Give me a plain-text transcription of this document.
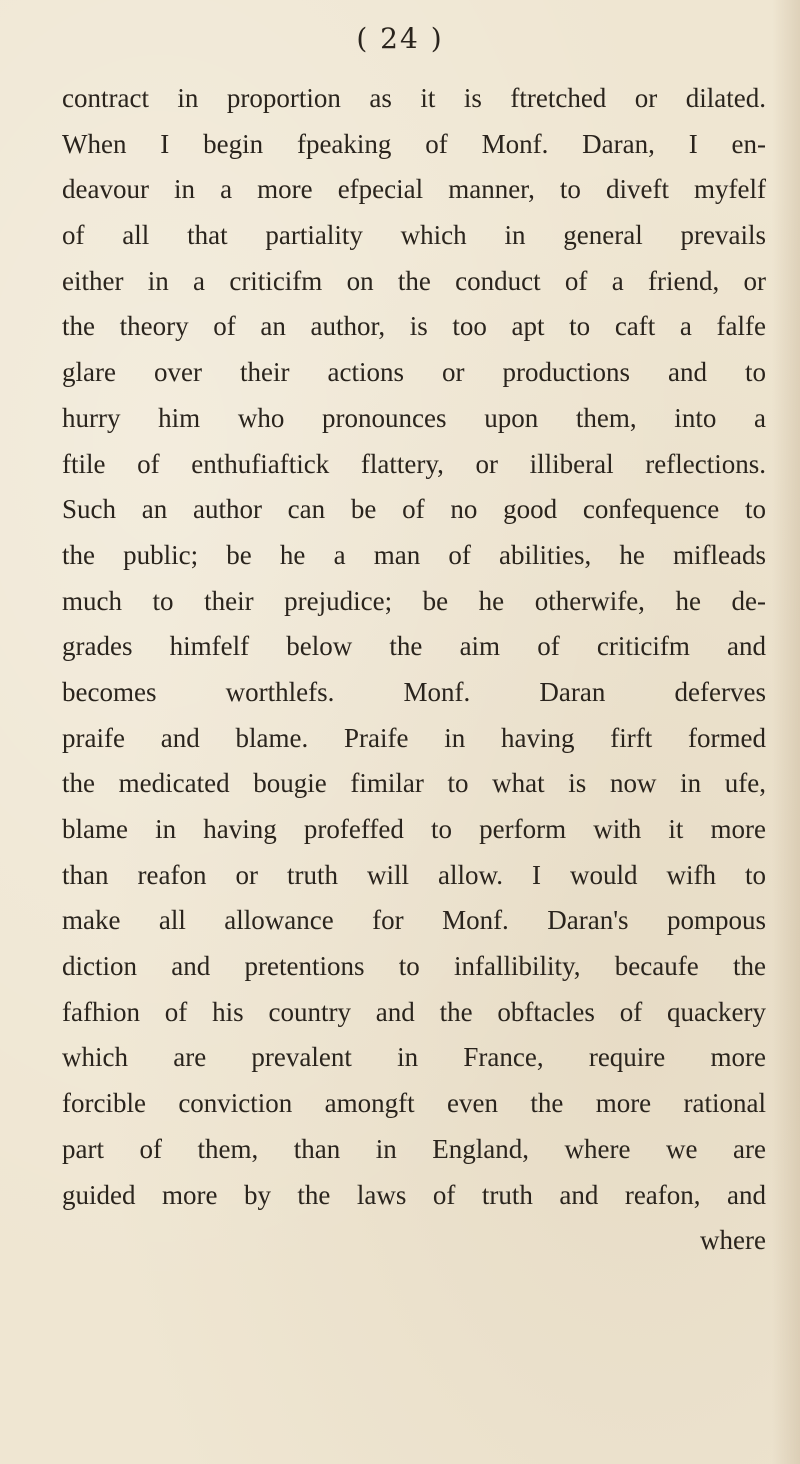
( 24 )
contract in proportion as it is ftretched or dilated.
When I begin fpeaking of Monf. Daran, I en-
deavour in a more efpecial manner, to diveft myfelf
of all that partiality which in general prevails
either in a criticifm on the conduct of a friend, or
the theory of an author, is too apt to caft a falfe
glare over their actions or productions and to
hurry him who pronounces upon them, into a
ftile of enthufiaftick flattery, or illiberal reflections.
Such an author can be of no good confequence to
the public; be he a man of abilities, he mifleads
much to their prejudice; be he otherwife, he de-
grades himfelf below the aim of criticifm and
becomes worthlefs. Monf. Daran deferves
praife and blame. Praife in having firft formed
the medicated bougie fimilar to what is now in ufe,
blame in having profeffed to perform with it more
than reafon or truth will allow. I would wifh to
make all allowance for Monf. Daran's pompous
diction and pretentions to infallibility, becaufe the
fafhion of his country and the obftacles of quackery
which are prevalent in France, require more
forcible conviction amongft even the more rational
part of them, than in England, where we are
guided more by the laws of truth and reafon, and
where
